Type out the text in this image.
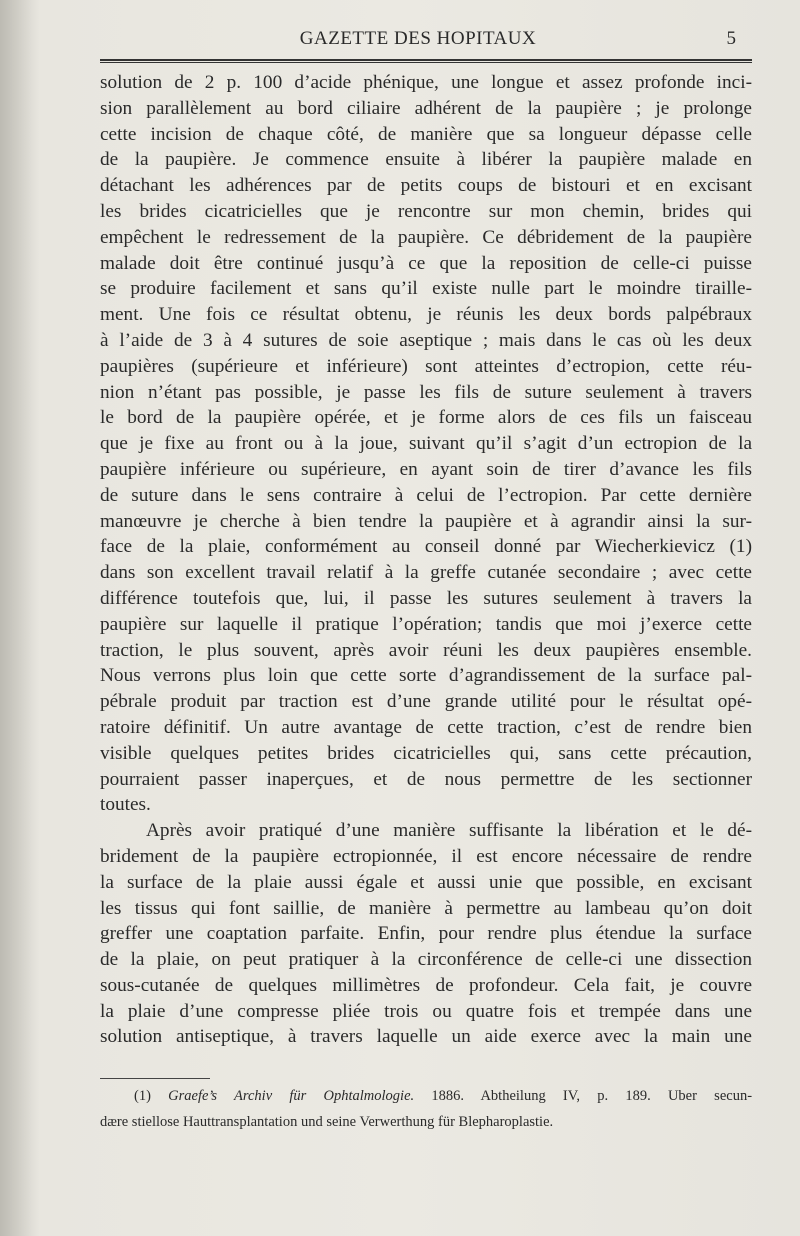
GAZETTE DES HOPITAUX	5
solution de 2 p. 100 d’acide phénique, une longue et assez profonde inci-
sion parallèlement au bord ciliaire adhérent de la paupière ; je prolonge
cette incision de chaque côté, de manière que sa longueur dépasse celle
de la paupière. Je commence ensuite à libérer la paupière malade en
détachant les adhérences par de petits coups de bistouri et en excisant
les brides cicatricielles que je rencontre sur mon chemin, brides qui
empêchent le redressement de la paupière. Ce débridement de la paupière
malade doit être continué jusqu’à ce que la reposition de celle-ci puisse
se produire facilement et sans qu’il existe nulle part le moindre tiraille-
ment. Une fois ce résultat obtenu, je réunis les deux bords palpébraux
à l’aide de 3 à 4 sutures de soie aseptique ; mais dans le cas où les deux
paupières (supérieure et inférieure) sont atteintes d’ectropion, cette réu-
nion n’étant pas possible, je passe les fils de suture seulement à travers
le bord de la paupière opérée, et je forme alors de ces fils un faisceau
que je fixe au front ou à la joue, suivant qu’il s’agit d’un ectropion de la
paupière inférieure ou supérieure, en ayant soin de tirer d’avance les fils
de suture dans le sens contraire à celui de l’ectropion. Par cette dernière
manœuvre je cherche à bien tendre la paupière et à agrandir ainsi la sur-
face de la plaie, conformément au conseil donné par Wiecherkievicz (1)
dans son excellent travail relatif à la greffe cutanée secondaire ; avec cette
différence toutefois que, lui, il passe les sutures seulement à travers la
paupière sur laquelle il pratique l’opération; tandis que moi j’exerce cette
traction, le plus souvent, après avoir réuni les deux paupières ensemble.
Nous verrons plus loin que cette sorte d’agrandissement de la surface pal-
pébrale produit par traction est d’une grande utilité pour le résultat opé-
ratoire définitif. Un autre avantage de cette traction, c’est de rendre bien
visible quelques petites brides cicatricielles qui, sans cette précaution,
pourraient passer inaperçues, et de nous permettre de les sectionner
toutes.
Après avoir pratiqué d’une manière suffisante la libération et le dé-
bridement de la paupière ectropionnée, il est encore nécessaire de rendre
la surface de la plaie aussi égale et aussi unie que possible, en excisant
les tissus qui font saillie, de manière à permettre au lambeau qu’on doit
greffer une coaptation parfaite. Enfin, pour rendre plus étendue la surface
de la plaie, on peut pratiquer à la circonférence de celle-ci une dissection
sous-cutanée de quelques millimètres de profondeur. Cela fait, je couvre
la plaie d’une compresse pliée trois ou quatre fois et trempée dans une
solution antiseptique, à travers laquelle un aide exerce avec la main une
(1) Graefe’s Archiv für Ophtalmologie. 1886. Abtheilung IV, p. 189. Uber secun-
dære stiellose Hauttransplantation und seine Verwerthung für Blepharoplastie.
